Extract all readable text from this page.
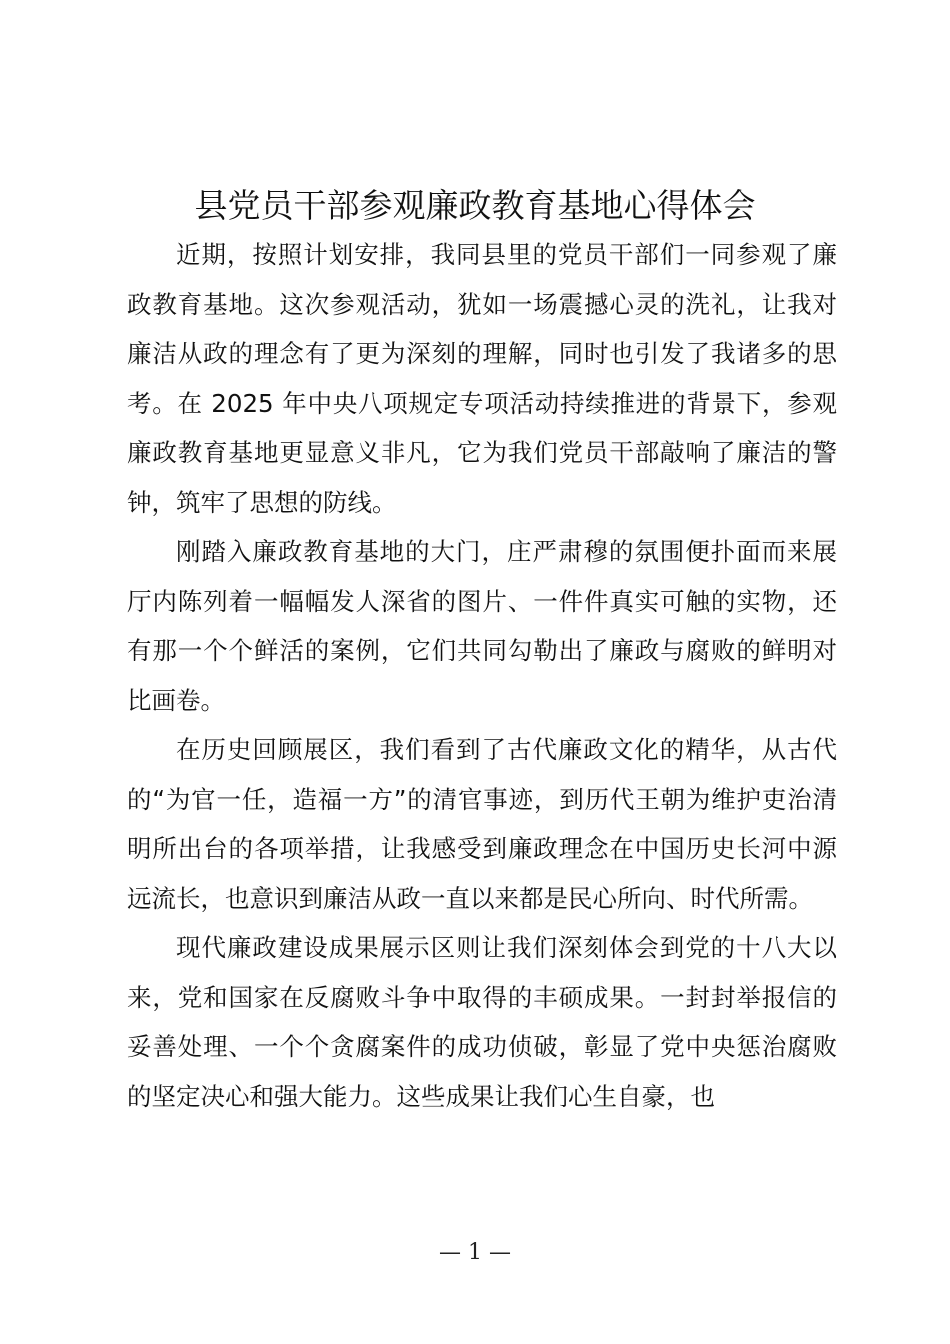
县党员干部参观廉政教育基地心得体会

近期，按照计划安排，我同县里的党员干部们一同参观了廉政教育基地。这次参观活动，犹如一场震撼心灵的洗礼，让我对廉洁从政的理念有了更为深刻的理解，同时也引发了我诸多的思考。在 2025 年中央八项规定专项活动持续推进的背景下，参观廉政教育基地更显意义非凡，它为我们党员干部敲响了廉洁的警钟，筑牢了思想的防线。

刚踏入廉政教育基地的大门，庄严肃穆的氛围便扑面而来展厅内陈列着一幅幅发人深省的图片、一件件真实可触的实物，还有那一个个鲜活的案例，它们共同勾勒出了廉政与腐败的鲜明对比画卷。

在历史回顾展区，我们看到了古代廉政文化的精华，从古代的“为官一任，造福一方”的清官事迹，到历代王朝为维护吏治清明所出台的各项举措，让我感受到廉政理念在中国历史长河中源远流长，也意识到廉洁从政一直以来都是民心所向、时代所需。

现代廉政建设成果展示区则让我们深刻体会到党的十八大以来，党和国家在反腐败斗争中取得的丰硕成果。一封封举报信的妥善处理、一个个贪腐案件的成功侦破，彰显了党中央惩治腐败的坚定决心和强大能力。这些成果让我们心生自豪，也

— 1 —
